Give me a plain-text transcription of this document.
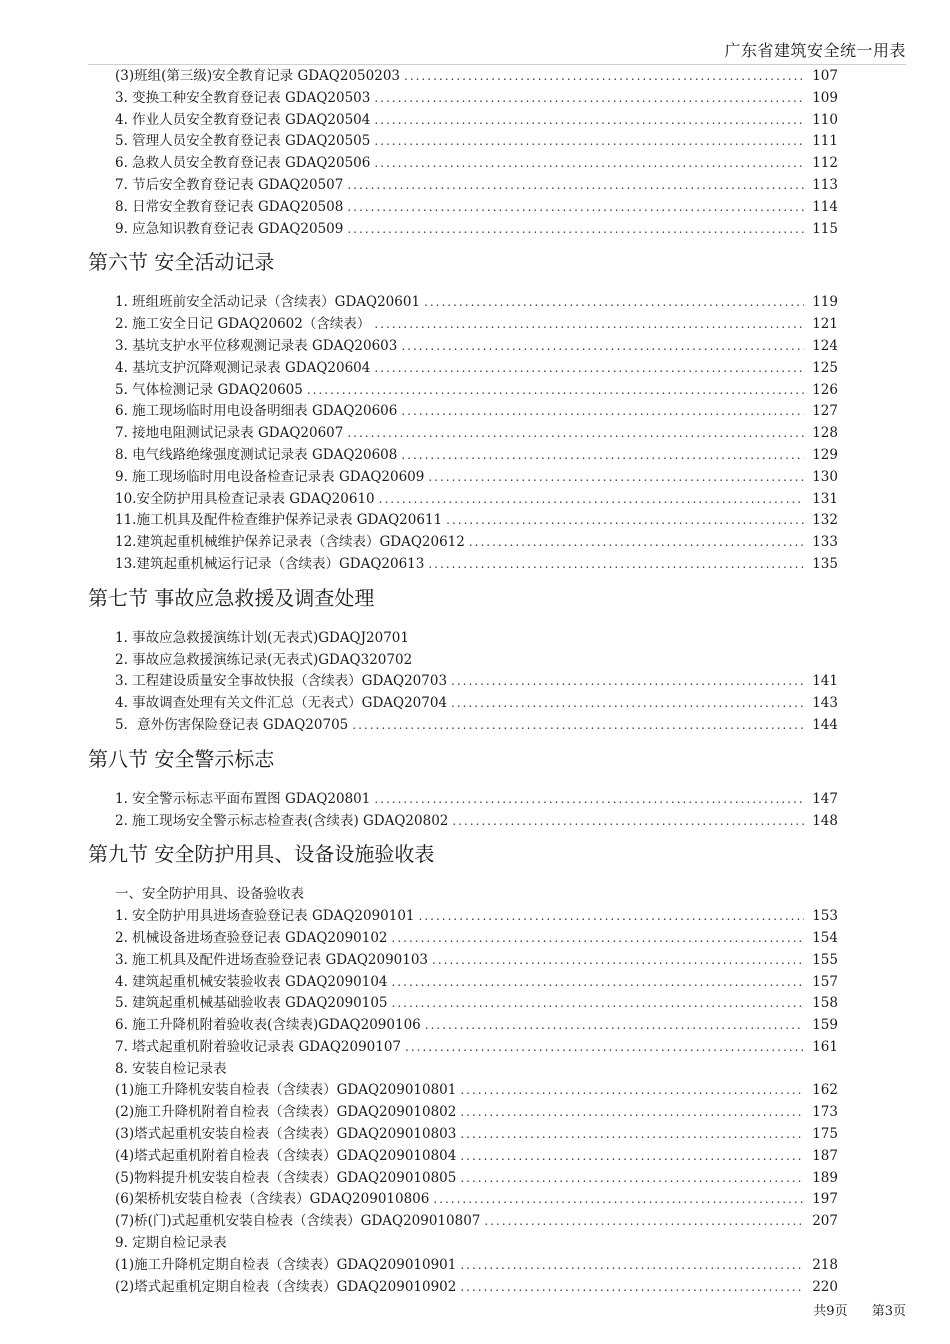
广东省建筑安全统一用表
(3)班组(第三级)安全教育记录 GDAQ2050203 .....	107
3. 变换工种安全教育登记表 GDAQ20503 .....	109
4. 作业人员安全教育登记表 GDAQ20504 .....	110
5. 管理人员安全教育登记表 GDAQ20505 .....	111
6. 急救人员安全教育登记表 GDAQ20506 .....	112
7. 节后安全教育登记表 GDAQ20507 .....	113
8. 日常安全教育登记表 GDAQ20508 .....	114
9. 应急知识教育登记表 GDAQ20509 .....	115
第六节 安全活动记录
1. 班组班前安全活动记录（含续表）GDAQ20601 .....	119
2. 施工安全日记 GDAQ20602（含续表） .....	121
3. 基坑支护水平位移观测记录表 GDAQ20603 .....	124
4. 基坑支护沉降观测记录表 GDAQ20604 .....	125
5. 气体检测记录 GDAQ20605 .....	126
6. 施工现场临时用电设备明细表 GDAQ20606 .....	127
7. 接地电阻测试记录表 GDAQ20607 .....	128
8. 电气线路绝缘强度测试记录表 GDAQ20608 .....	129
9. 施工现场临时用电设备检查记录表 GDAQ20609 .....	130
10.安全防护用具检查记录表 GDAQ20610 .....	131
11.施工机具及配件检查维护保养记录表 GDAQ20611 .....	132
12.建筑起重机械维护保养记录表（含续表）GDAQ20612 .....	133
13.建筑起重机械运行记录（含续表）GDAQ20613 .....	135
第七节 事故应急救援及调查处理
1. 事故应急救援演练计划(无表式)GDAQJ20701
2. 事故应急救援演练记录(无表式)GDAQ320702
3. 工程建设质量安全事故快报（含续表）GDAQ20703 .....	141
4. 事故调查处理有关文件汇总（无表式）GDAQ20704 .....	143
5．意外伤害保险登记表 GDAQ20705 .....	144
第八节 安全警示标志
1. 安全警示标志平面布置图 GDAQ20801 .....	147
2. 施工现场安全警示标志检查表(含续表) GDAQ20802 .....	148
第九节 安全防护用具、设备设施验收表
一、安全防护用具、设备验收表
1. 安全防护用具进场查验登记表 GDAQ2090101 .....	153
2. 机械设备进场查验登记表 GDAQ2090102 .....	154
3. 施工机具及配件进场查验登记表 GDAQ2090103 .....	155
4. 建筑起重机械安装验收表 GDAQ2090104 .....	157
5. 建筑起重机械基础验收表 GDAQ2090105 .....	158
6. 施工升降机附着验收表(含续表)GDAQ2090106 .....	159
7. 塔式起重机附着验收记录表 GDAQ2090107 .....	161
8. 安装自检记录表
(1)施工升降机安装自检表（含续表）GDAQ209010801 .....	162
(2)施工升降机附着自检表（含续表）GDAQ209010802 .....	173
(3)塔式起重机安装自检表（含续表）GDAQ209010803 .....	175
(4)塔式起重机附着自检表（含续表）GDAQ209010804 .....	187
(5)物料提升机安装自检表（含续表）GDAQ209010805 .....	189
(6)架桥机安装自检表（含续表）GDAQ209010806 .....	197
(7)桥(门)式起重机安装自检表（含续表）GDAQ209010807 .....	207
9. 定期自检记录表
(1)施工升降机定期自检表（含续表）GDAQ209010901 .....	218
(2)塔式起重机定期自检表（含续表）GDAQ209010902 .....	220
共9页 第3页
